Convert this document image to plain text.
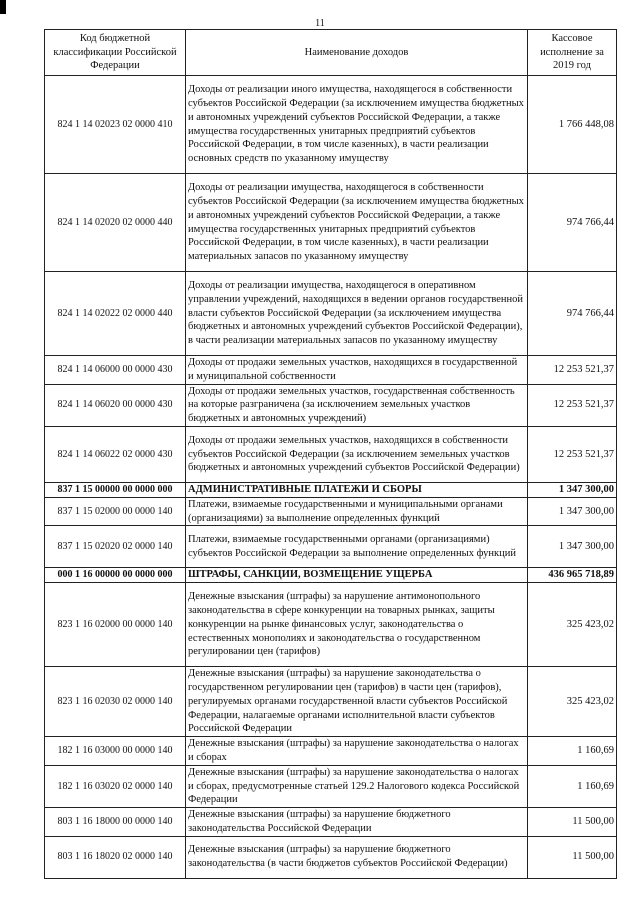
11
Код бюджетной классификации Российской Федерации	Наименование доходов	Кассовое исполнение за 2019 год
824 1 14 02023 02 0000 410	Доходы от реализации иного имущества, находящегося в собственности субъектов Российской Федерации (за исключением имущества бюджетных и автономных учреждений субъектов Российской Федерации, а также имущества государственных унитарных предприятий субъектов Российской Федерации, в том числе казенных), в части реализации основных средств по указанному имуществу	1 766 448,08
824 1 14 02020 02 0000 440	Доходы от реализации имущества, находящегося в собственности субъектов Российской Федерации (за исключением имущества бюджетных и автономных учреждений субъектов Российской Федерации, а также имущества государственных унитарных предприятий субъектов Российской Федерации, в том числе казенных), в части реализации материальных запасов по указанному имуществу	974 766,44
824 1 14 02022 02 0000 440	Доходы от реализации имущества, находящегося в оперативном управлении учреждений, находящихся в ведении органов государственной власти субъектов Российской Федерации (за исключением имущества бюджетных и автономных учреждений субъектов Российской Федерации), в части реализации материальных запасов по указанному имуществу	974 766,44
824 1 14 06000 00 0000 430	Доходы от продажи земельных участков, находящихся в государственной и муниципальной собственности	12 253 521,37
824 1 14 06020 00 0000 430	Доходы от продажи земельных участков, государственная собственность на которые разграничена (за исключением земельных участков бюджетных и автономных учреждений)	12 253 521,37
824 1 14 06022 02 0000 430	Доходы от продажи земельных участков, находящихся в собственности субъектов Российской Федерации (за исключением земельных участков бюджетных и автономных учреждений субъектов Российской Федерации)	12 253 521,37
837 1 15 00000 00 0000 000	АДМИНИСТРАТИВНЫЕ ПЛАТЕЖИ И СБОРЫ	1 347 300,00
837 1 15 02000 00 0000 140	Платежи, взимаемые государственными и муниципальными органами (организациями) за выполнение определенных функций	1 347 300,00
837 1 15 02020 02 0000 140	Платежи, взимаемые государственными органами (организациями) субъектов Российской Федерации за выполнение определенных функций	1 347 300,00
000 1 16 00000 00 0000 000	ШТРАФЫ, САНКЦИИ, ВОЗМЕЩЕНИЕ УЩЕРБА	436 965 718,89
823 1 16 02000 00 0000 140	Денежные взыскания (штрафы) за нарушение антимонопольного законодательства в сфере конкуренции на товарных рынках, защиты конкуренции на рынке финансовых услуг, законодательства о естественных монополиях и законодательства о государственном регулировании цен (тарифов)	325 423,02
823 1 16 02030 02 0000 140	Денежные взыскания (штрафы) за нарушение законодательства о государственном регулировании цен (тарифов) в части цен (тарифов), регулируемых органами государственной власти субъектов Российской Федерации, налагаемые органами исполнительной власти субъектов Российской Федерации	325 423,02
182 1 16 03000 00 0000 140	Денежные взыскания (штрафы) за нарушение законодательства о налогах и сборах	1 160,69
182 1 16 03020 02 0000 140	Денежные взыскания (штрафы) за нарушение законодательства о налогах и сборах, предусмотренные статьей 129.2 Налогового кодекса Российской Федерации	1 160,69
803 1 16 18000 00 0000 140	Денежные взыскания (штрафы) за нарушение бюджетного законодательства Российской Федерации	11 500,00
803 1 16 18020 02 0000 140	Денежные взыскания (штрафы) за нарушение бюджетного законодательства (в части бюджетов субъектов Российской Федерации)	11 500,00
